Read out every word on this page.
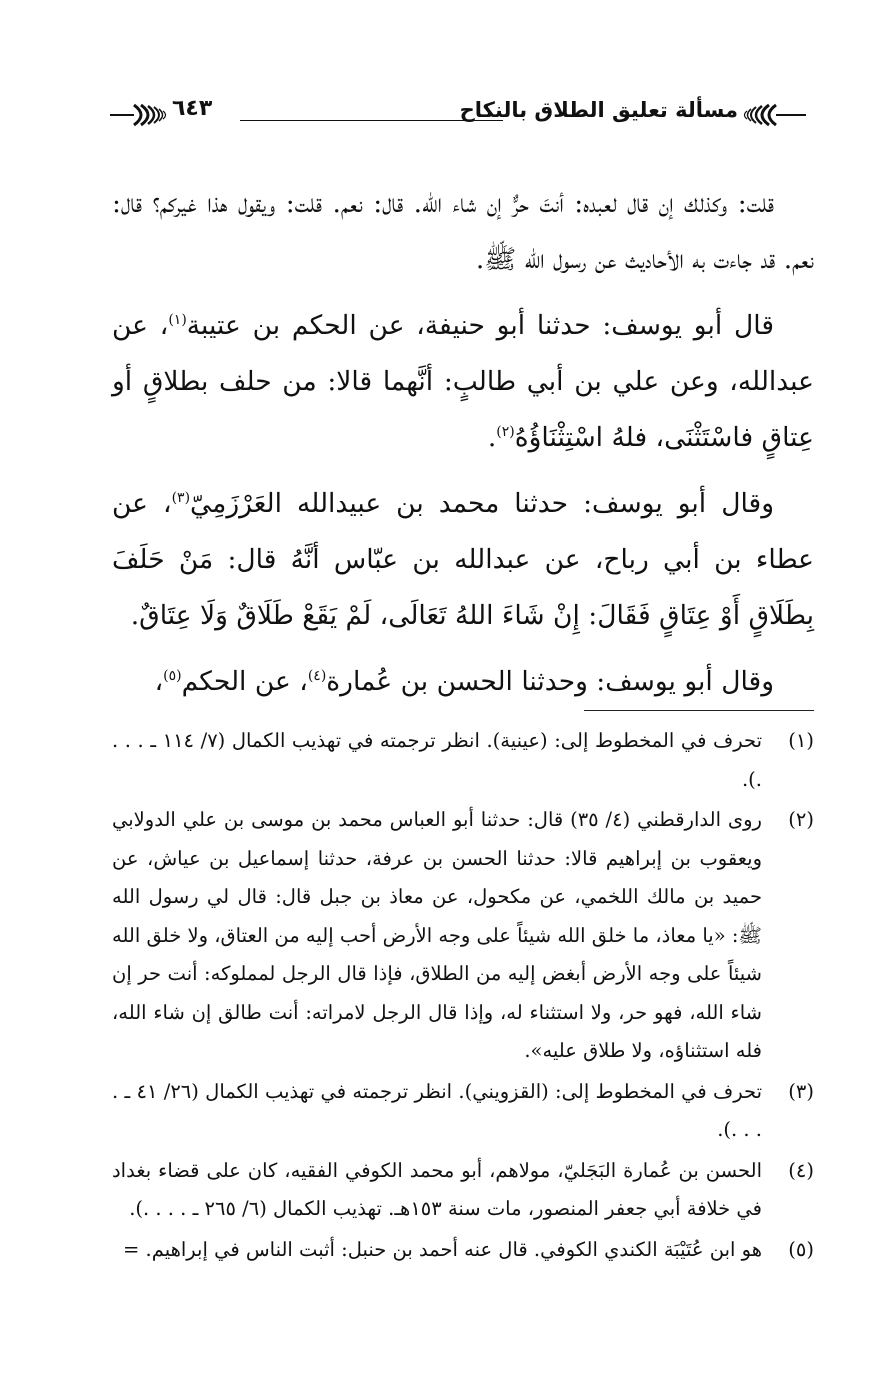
مسألة تعليق الطلاق بالنكاح
٦٤٣

قلت: وكذلك إن قال لعبده: أنتَ حرٌّ إن شاء الله. قال: نعم. قلت: ويقول هذا غيركم؟ قال: نعم. قد جاءت به الأحاديث عن رسول الله ﷺ.

قال أبو يوسف: حدثنا أبو حنيفة، عن الحكم بن عتيبة$^{(١)}$، عن عبدالله، وعن علي بن أبي طالبٍ: أنَّهما قالا: من حلف بطلاقٍ أو عِتاقٍ فاسْتَثْنَى، فلهُ اسْتِثْنَاؤُهُ$^{(٢)}$.

وقال أبو يوسف: حدثنا محمد بن عبيدالله العَرْزَمِيّ$^{(٣)}$، عن عطاء بن أبي رباح، عن عبدالله بن عبّاس أنَّهُ قال: مَنْ حَلَفَ بِطَلَاقٍ أَوْ عِتَاقٍ فَقَالَ: إِنْ شَاءَ اللهُ تَعَالَى، لَمْ يَقَعْ طَلَاقٌ وَلَا عِتَاقٌ.

وقال أبو يوسف: وحدثنا الحسن بن عُمارة$^{(٤)}$، عن الحكم$^{(٥)}$،

(١)
تحرف في المخطوط إلى: (عينية). انظر ترجمته في تهذيب الكمال (٧/ ١١٤ ـ . . . .).
(٢)
روى الدارقطني (٤/ ٣٥) قال: حدثنا أبو العباس محمد بن موسى بن علي الدولابي ويعقوب بن إبراهيم قالا: حدثنا الحسن بن عرفة، حدثنا إسماعيل بن عياش، عن حميد بن مالك اللخمي، عن مكحول، عن معاذ بن جبل قال: قال لي رسول الله ﷺ: «يا معاذ، ما خلق الله شيئاً على وجه الأرض أحب إليه من العتاق، ولا خلق الله شيئاً على وجه الأرض أبغض إليه من الطلاق، فإذا قال الرجل لمملوكه: أنت حر إن شاء الله، فهو حر، ولا استثناء له، وإذا قال الرجل لامراته: أنت طالق إن شاء الله، فله استثناؤه، ولا طلاق عليه».
(٣)
تحرف في المخطوط إلى: (القزويني). انظر ترجمته في تهذيب الكمال (٢٦/ ٤١ ـ . . . .).
(٤)
الحسن بن عُمارة البَجَليّ، مولاهم، أبو محمد الكوفي الفقيه، كان على قضاء بغداد في خلافة أبي جعفر المنصور، مات سنة ١٥٣هـ. تهذيب الكمال (٦/ ٢٦٥ ـ . . . .).
(٥)
هو ابن عُتَيْبَة الكندي الكوفي. قال عنه أحمد بن حنبل: أثبت الناس في إبراهيم. =
